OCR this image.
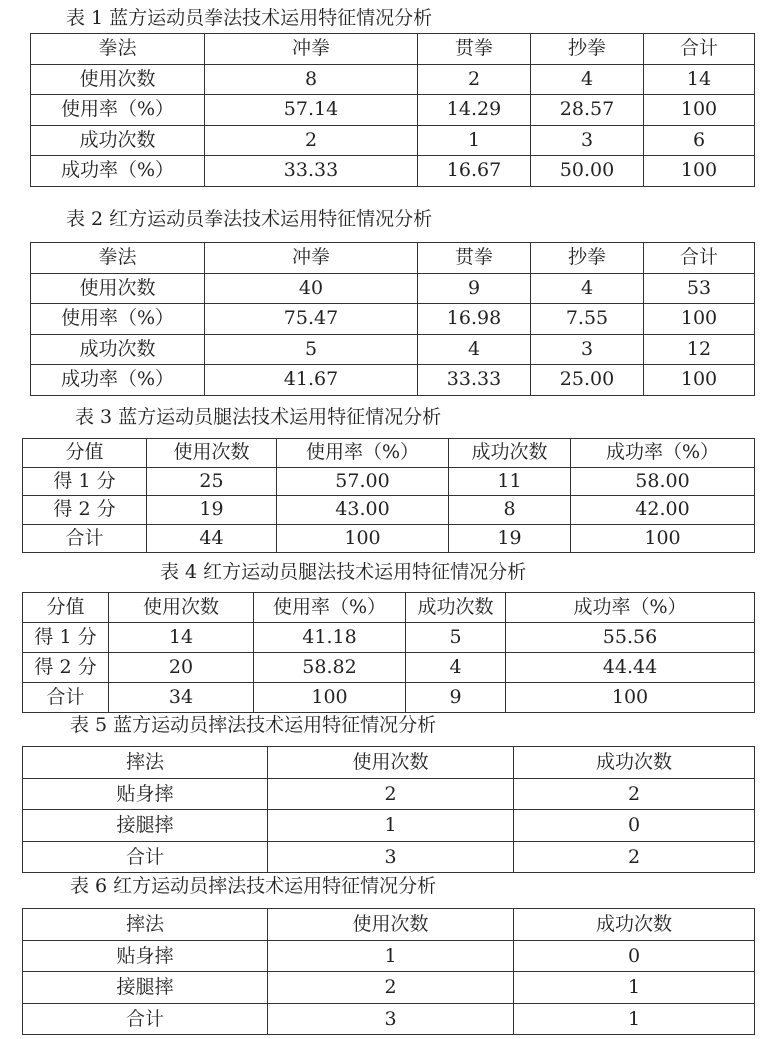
表 1 蓝方运动员拳法技术运用特征情况分析
拳法	冲拳	贯拳	抄拳	合计
使用次数	8	2	4	14
使用率（%）	57.14	14.29	28.57	100
成功次数	2	1	3	6
成功率（%）	33.33	16.67	50.00	100
表 2 红方运动员拳法技术运用特征情况分析
拳法	冲拳	贯拳	抄拳	合计
使用次数	40	9	4	53
使用率（%）	75.47	16.98	7.55	100
成功次数	5	4	3	12
成功率（%）	41.67	33.33	25.00	100
表 3 蓝方运动员腿法技术运用特征情况分析
分值	使用次数	使用率（%）	成功次数	成功率（%）
得 1 分	25	57.00	11	58.00
得 2 分	19	43.00	8	42.00
合计	44	100	19	100
表 4 红方运动员腿法技术运用特征情况分析
分值	使用次数	使用率（%）	成功次数	成功率（%）
得 1 分	14	41.18	5	55.56
得 2 分	20	58.82	4	44.44
合计	34	100	9	100
表 5 蓝方运动员摔法技术运用特征情况分析
摔法	使用次数	成功次数
贴身摔	2	2
接腿摔	1	0
合计	3	2
表 6 红方运动员摔法技术运用特征情况分析
摔法	使用次数	成功次数
贴身摔	1	0
接腿摔	2	1
合计	3	1
